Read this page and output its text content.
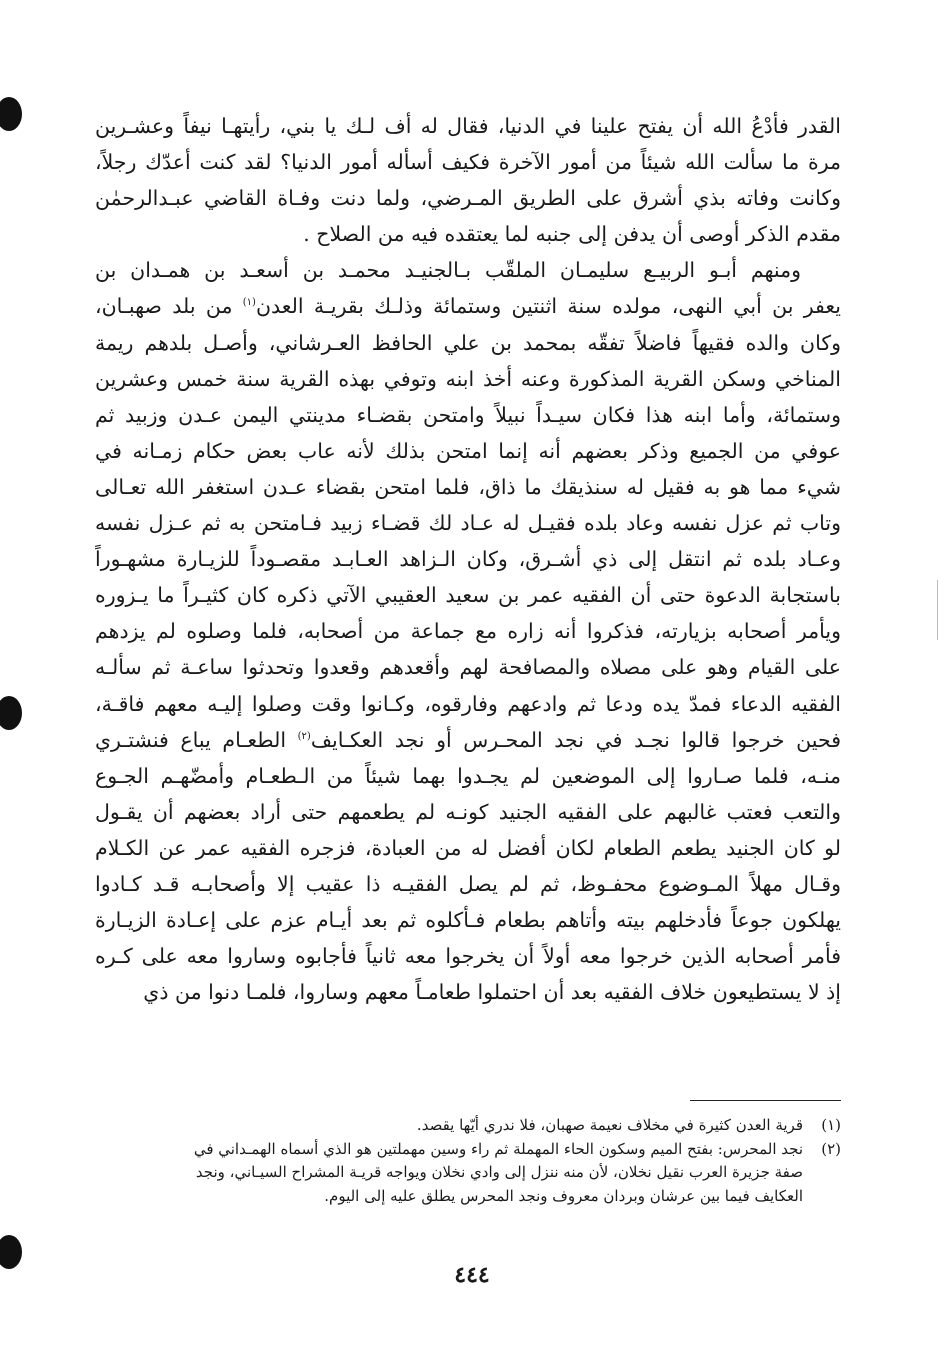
القدر فأدْعُ الله أن يفتح علينا في الدنيا، فقال له أف لـك يا بني، رأيتهـا نيفاً وعشـرين
مرة ما سألت الله شيئاً من أمور الآخرة فكيف أسأله أمور الدنيا؟ لقد كنت أعدّك رجلاً،
وكانت وفاته بذي أشرق على الطريق المـرضي، ولما دنت وفـاة القاضي عبـدالرحمٰن
مقدم الذكر أوصى أن يدفن إلى جنبه لما يعتقده فيه من الصلاح .
ومنهم أبـو الربيـع سليمـان الملقّب بـالجنيـد محمـد بن أسعـد بن همـدان بن
يعفر بن أبي النهى، مولده سنة اثنتين وستمائة وذلـك بقريـة العدن$^{(١)}$ من بلد صهبـان،
وكان والده فقيهاً فاضلاً تفقّه بمحمد بن علي الحافظ العـرشاني، وأصـل بلدهم ريمة
المناخي وسكن القرية المذكورة وعنه أخذ ابنه وتوفي بهذه القرية سنة خمس وعشرين
وستمائة، وأما ابنه هذا فكان سيـداً نبيلاً وامتحن بقضـاء مدينتي اليمن عـدن وزبيد ثم
عوفي من الجميع وذكر بعضهم أنه إنما امتحن بذلك لأنه عاب بعض حكام زمـانه في
شيء مما هو به فقيل له سنذيقك ما ذاق، فلما امتحن بقضاء عـدن استغفر الله تعـالى
وتاب ثم عزل نفسه وعاد بلده فقيـل له عـاد لك قضـاء زبيد فـامتحن به ثم عـزل نفسه
وعـاد بلده ثم انتقل إلى ذي أشـرق، وكان الـزاهد العـابـد مقصـوداً للزيـارة مشهـوراً
باستجابة الدعوة حتى أن الفقيه عمر بن سعيد العقيبي الآتي ذكره كان كثيـراً ما يـزوره
ويأمر أصحابه بزيارته، فذكروا أنه زاره مع جماعة من أصحابه، فلما وصلوه لم يزدهم
على القيام وهو على مصلاه والمصافحة لهم وأقعدهم وقعدوا وتحدثوا ساعـة ثم سألـه
الفقيه الدعاء فمدّ يده ودعا ثم وادعهم وفارقوه، وكـانوا وقت وصلوا إليـه معهم فاقـة،
فحين خرجوا قالوا نجـد في نجد المحـرس أو نجد العكـايف$^{(٢)}$ الطعـام يباع فنشتـري
منـه، فلما صـاروا إلى الموضعين لم يجـدوا بهما شيئاً من الـطعـام وأمضّهـم الجـوع
والتعب فعتب غالبهم على الفقيه الجنيد كونـه لم يطعمهم حتى أراد بعضهم أن يقـول
لو كان الجنيد يطعم الطعام لكان أفضل له من العبادة، فزجره الفقيه عمر عن الكـلام
وقـال مهلاً المـوضوع محفـوظ، ثم لم يصل الفقيـه ذا عقيب إلا وأصحابـه قـد كـادوا
يهلكون جوعاً فأدخلهم بيته وأتاهم بطعام فـأكلوه ثم بعد أيـام عزم على إعـادة الزيـارة
فأمر أصحابه الذين خرجوا معه أولاً أن يخرجوا معه ثانياً فأجابوه وساروا معه على كـره
إذ لا يستطيعون خلاف الفقيه بعد أن احتملوا طعامـاً معهم وساروا، فلمـا دنوا من ذي
(١)قرية العدن كثيرة في مخلاف نعيمة صهبان، فلا ندري أيّها يقصد.
(٢)نجد المحرس: بفتح الميم وسكون الحاء المهملة ثم راء وسين مهملتين هو الذي أسماه الهمـداني في
صفة جزيرة العرب نقيل نخلان، لأن منه ننزل إلى وادي نخلان ويواجه قريـة المشراح السيـاني، ونجد
العكايف فيما بين عرشان وبردان معروف ونجد المحرس يطلق عليه إلى اليوم.
٤٤٤
